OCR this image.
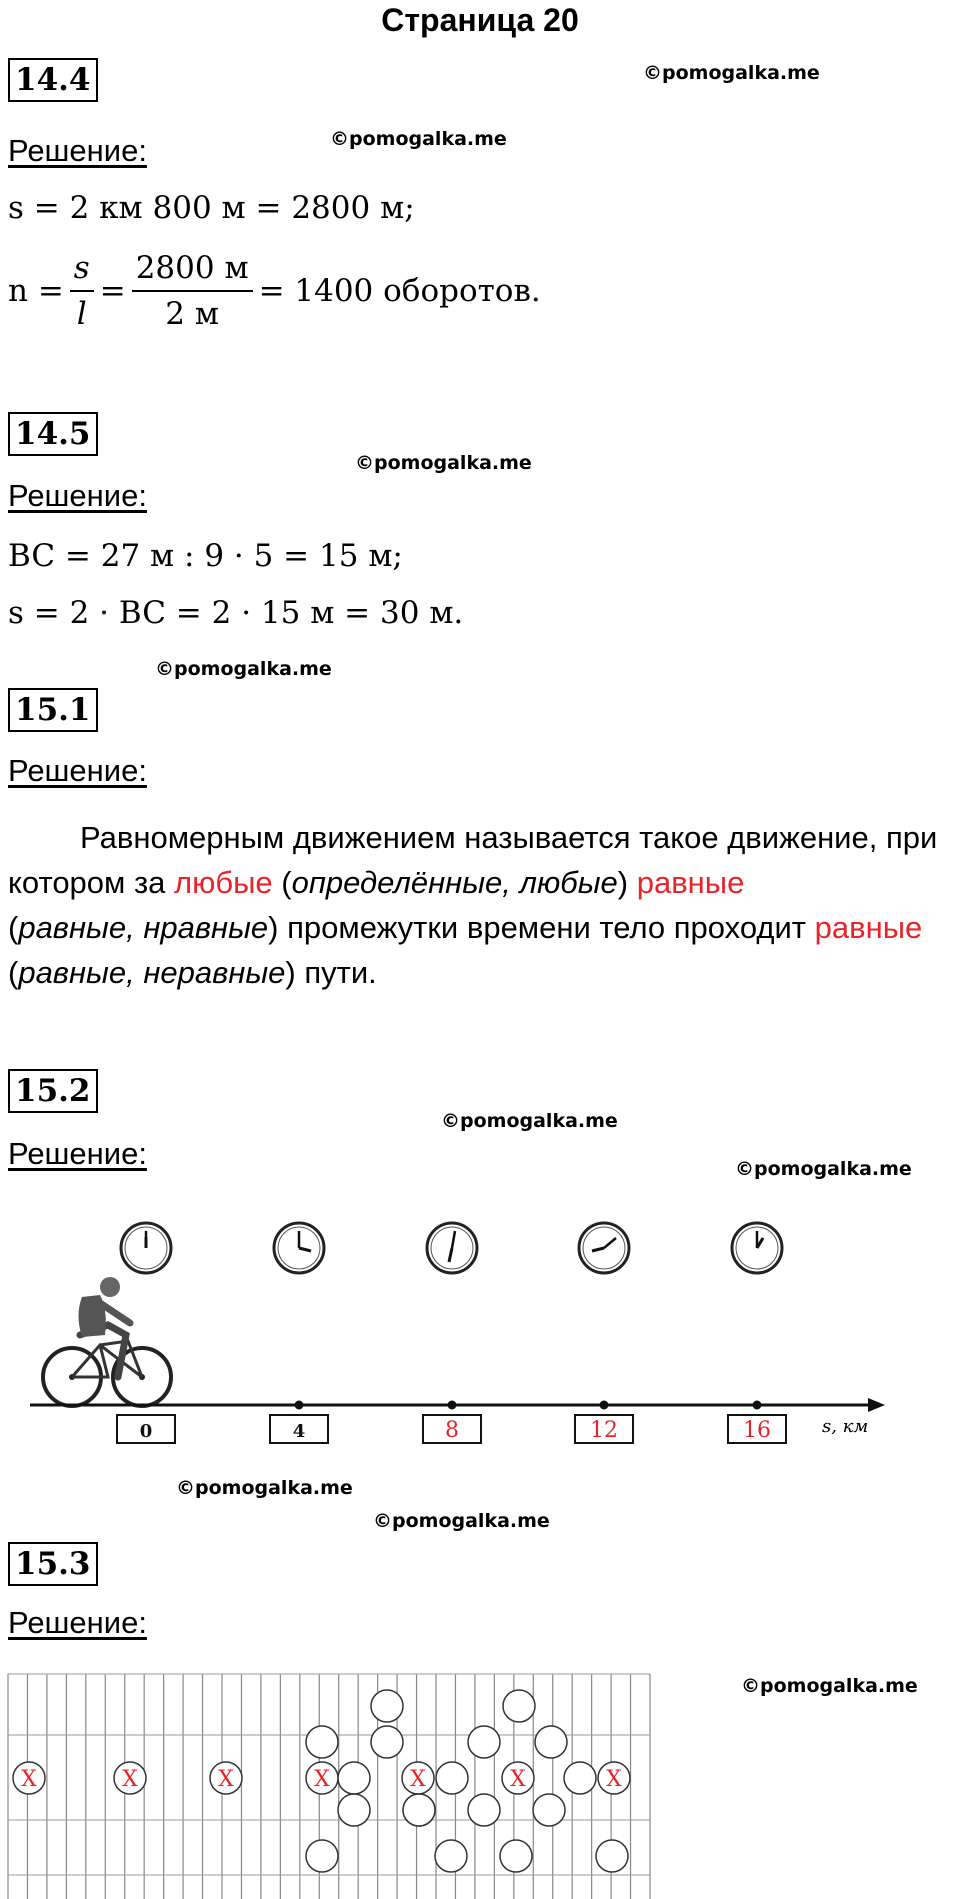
Страница 20
14.4	©pomogalka.me
Решение:	©pomogalka.me
s = 2 км 800 м = 2800 м;
$n = \frac{s}{l} = \frac{2800 м}{2 м} = 1400$ оборотов.
14.5
©pomogalka.me
Решение:
BC = 27 м : 9 · 5 = 15 м;
s = 2 · BC = 2 · 15 м = 30 м.
©pomogalka.me
15.1
Решение:
Равномерным движением называется такое движение, при котором за любые (определённые, любые) равные
(равные, нравные) промежутки времени тело проходит равные (равные, неравные) пути.
15.2
©pomogalka.me
Решение:	©pomogalka.me
s, км
0	4	8	12	16
©pomogalka.me
©pomogalka.me
15.3
Решение:
©pomogalka.me
X	X	X	X	X	X	X
